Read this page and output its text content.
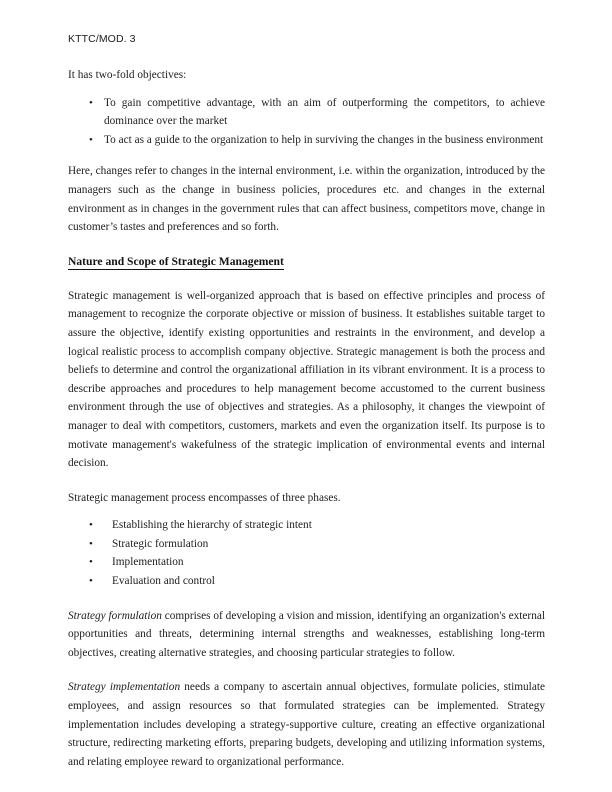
KTTC/MOD. 3

It has two-fold objectives:

• To gain competitive advantage, with an aim of outperforming the competitors, to achieve dominance over the market
• To act as a guide to the organization to help in surviving the changes in the business environment

Here, changes refer to changes in the internal environment, i.e. within the organization, introduced by the managers such as the change in business policies, procedures etc. and changes in the external environment as in changes in the government rules that can affect business, competitors move, change in customer’s tastes and preferences and so forth.

Nature and Scope of Strategic Management

Strategic management is well-organized approach that is based on effective principles and process of management to recognize the corporate objective or mission of business. It establishes suitable target to assure the objective, identify existing opportunities and restraints in the environment, and develop a logical realistic process to accomplish company objective. Strategic management is both the process and beliefs to determine and control the organizational affiliation in its vibrant environment. It is a process to describe approaches and procedures to help management become accustomed to the current business environment through the use of objectives and strategies. As a philosophy, it changes the viewpoint of manager to deal with competitors, customers, markets and even the organization itself. Its purpose is to motivate management's wakefulness of the strategic implication of environmental events and internal decision.

Strategic management process encompasses of three phases.

• Establishing the hierarchy of strategic intent
• Strategic formulation
• Implementation
• Evaluation and control

Strategy formulation comprises of developing a vision and mission, identifying an organization's external opportunities and threats, determining internal strengths and weaknesses, establishing long-term objectives, creating alternative strategies, and choosing particular strategies to follow.

Strategy implementation needs a company to ascertain annual objectives, formulate policies, stimulate employees, and assign resources so that formulated strategies can be implemented. Strategy implementation includes developing a strategy-supportive culture, creating an effective organizational structure, redirecting marketing efforts, preparing budgets, developing and utilizing information systems, and relating employee reward to organizational performance.
